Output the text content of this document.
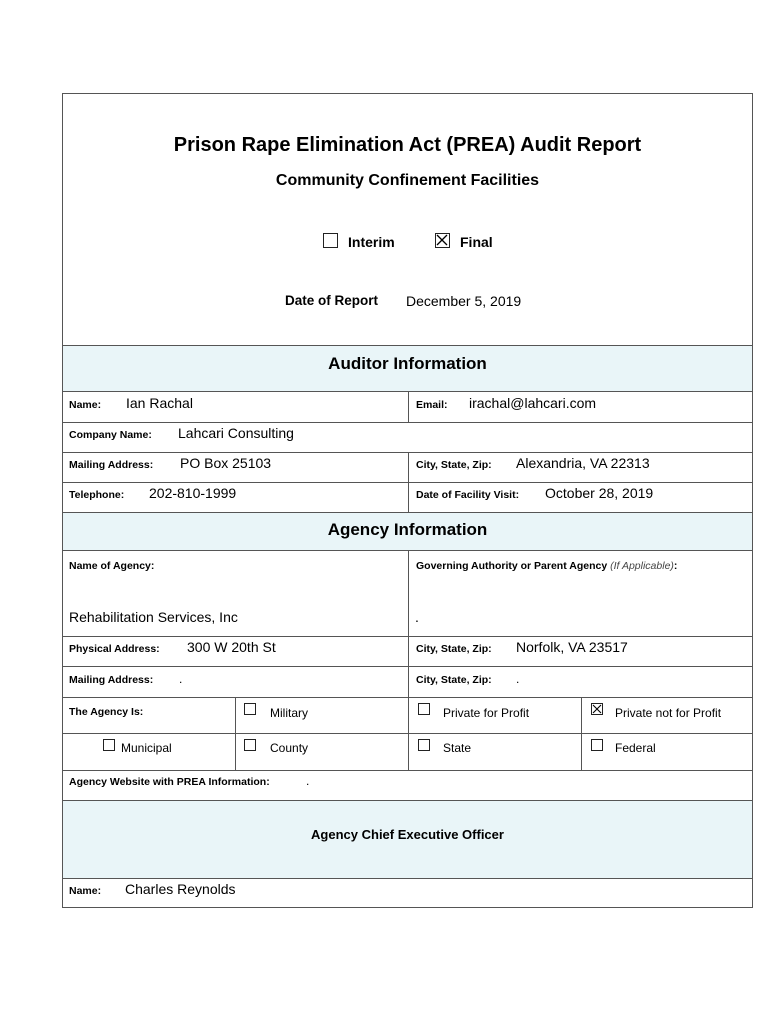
Prison Rape Elimination Act (PREA) Audit Report
Community Confinement Facilities
Interim	Final
Date of Report December 5, 2019
Auditor Information
Name: Ian Rachal	Email: irachal@lahcari.com
Company Name: Lahcari Consulting
Mailing Address: PO Box 25103	City, State, Zip: Alexandria, VA 22313
Telephone: 202-810-1999	Date of Facility Visit: October 28, 2019
Agency Information
Name of Agency:
Rehabilitation Services, Inc
Governing Authority or Parent Agency (If Applicable):
.
Physical Address: 300 W 20th St	City, State, Zip: Norfolk, VA 23517
Mailing Address: .	City, State, Zip: .
The Agency Is:	Military	Private for Profit	Private not for Profit
Municipal	County	State	Federal
Agency Website with PREA Information:	.
Agency Chief Executive Officer
Name: Charles Reynolds
